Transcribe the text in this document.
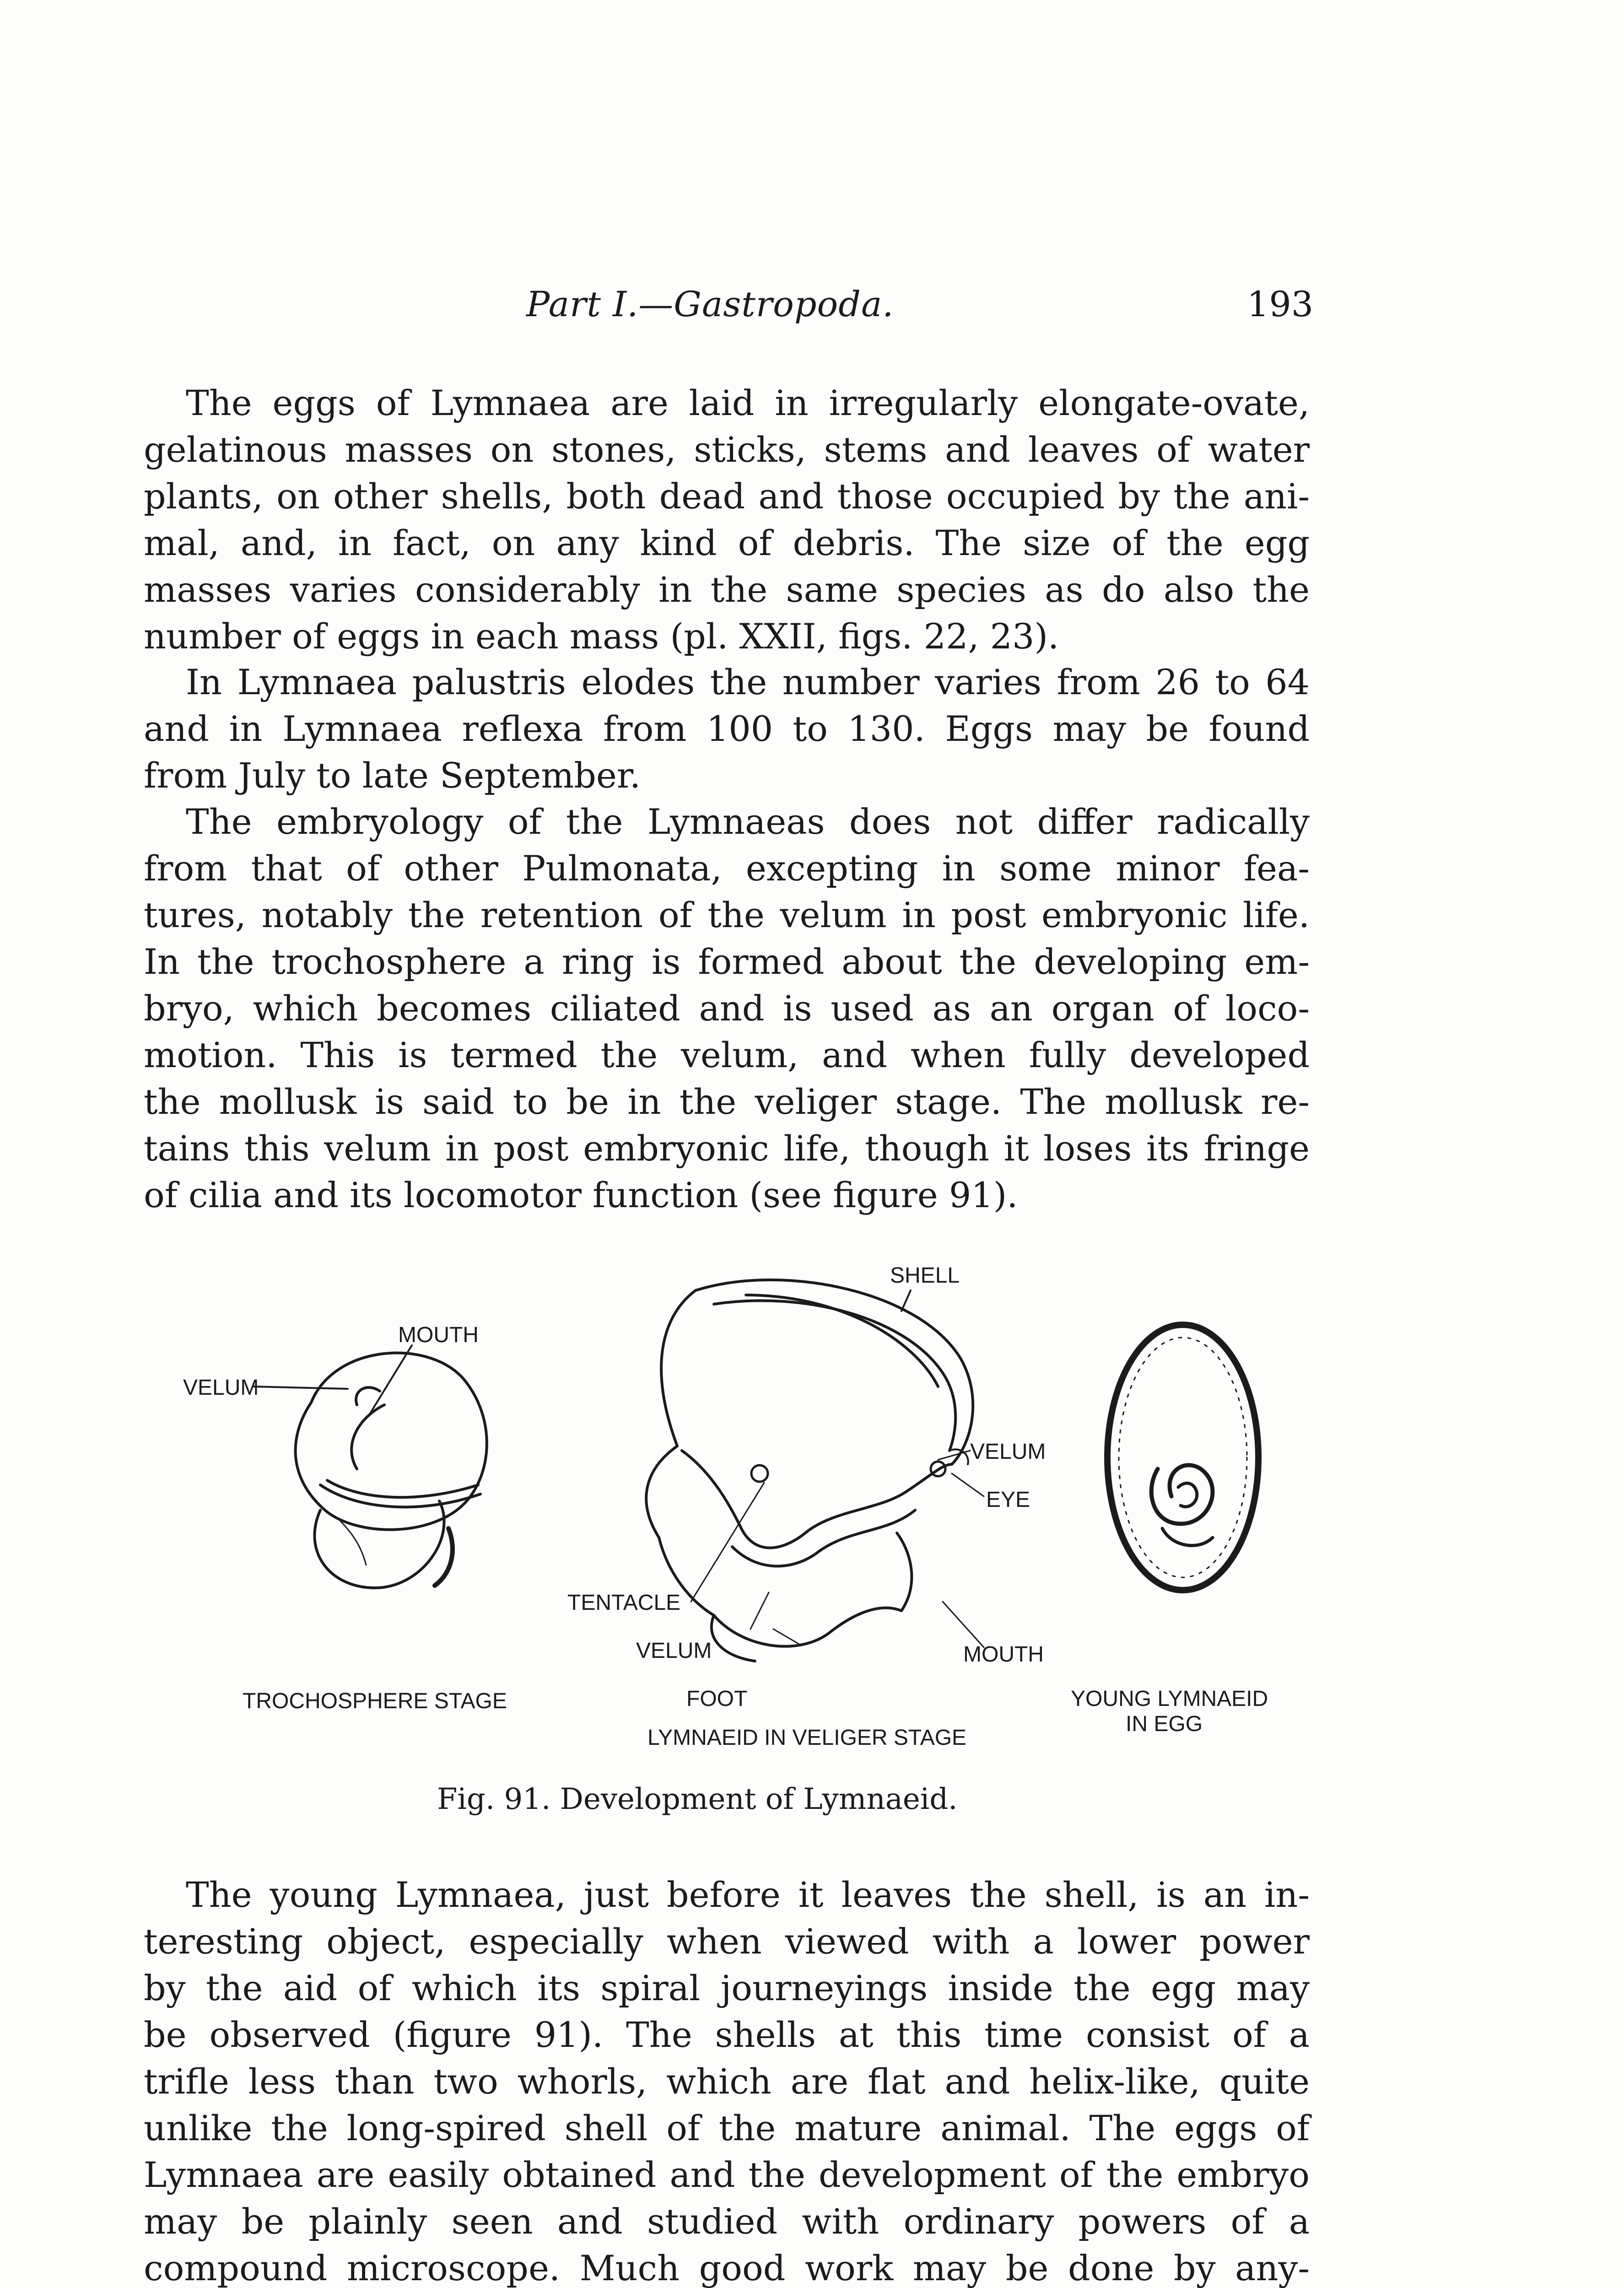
Part I.—Gastropoda.	193
The eggs of Lymnaea are laid in irregularly elongate-ovate,
gelatinous masses on stones, sticks, stems and leaves of water
plants, on other shells, both dead and those occupied by the ani-
mal, and, in fact, on any kind of debris. The size of the egg
masses varies considerably in the same species as do also the
number of eggs in each mass (pl. XXII, figs. 22, 23).
In Lymnaea palustris elodes the number varies from 26 to 64
and in Lymnaea reflexa from 100 to 130. Eggs may be found
from July to late September.
The embryology of the Lymnaeas does not differ radically
from that of other Pulmonata, excepting in some minor fea-
tures, notably the retention of the velum in post embryonic life.
In the trochosphere a ring is formed about the developing em-
bryo, which becomes ciliated and is used as an organ of loco-
motion. This is termed the velum, and when fully developed
the mollusk is said to be in the veliger stage. The mollusk re-
tains this velum in post embryonic life, though it loses its fringe
of cilia and its locomotor function (see figure 91).
MOUTH
VELUM
TROCHOSPHERE STAGE
SHELL
VELUM
EYE
TENTACLE
VELUM	MOUTH
FOOT
LYMNAEID IN VELIGER STAGE
YOUNG LYMNAEID
IN EGG
Fig. 91. Development of Lymnaeid.
The young Lymnaea, just before it leaves the shell, is an in-
teresting object, especially when viewed with a lower power
by the aid of which its spiral journeyings inside the egg may
be observed (figure 91). The shells at this time consist of a
trifle less than two whorls, which are flat and helix-like, quite
unlike the long-spired shell of the mature animal. The eggs of
Lymnaea are easily obtained and the development of the embryo
may be plainly seen and studied with ordinary powers of a
compound microscope. Much good work may be done by any-
